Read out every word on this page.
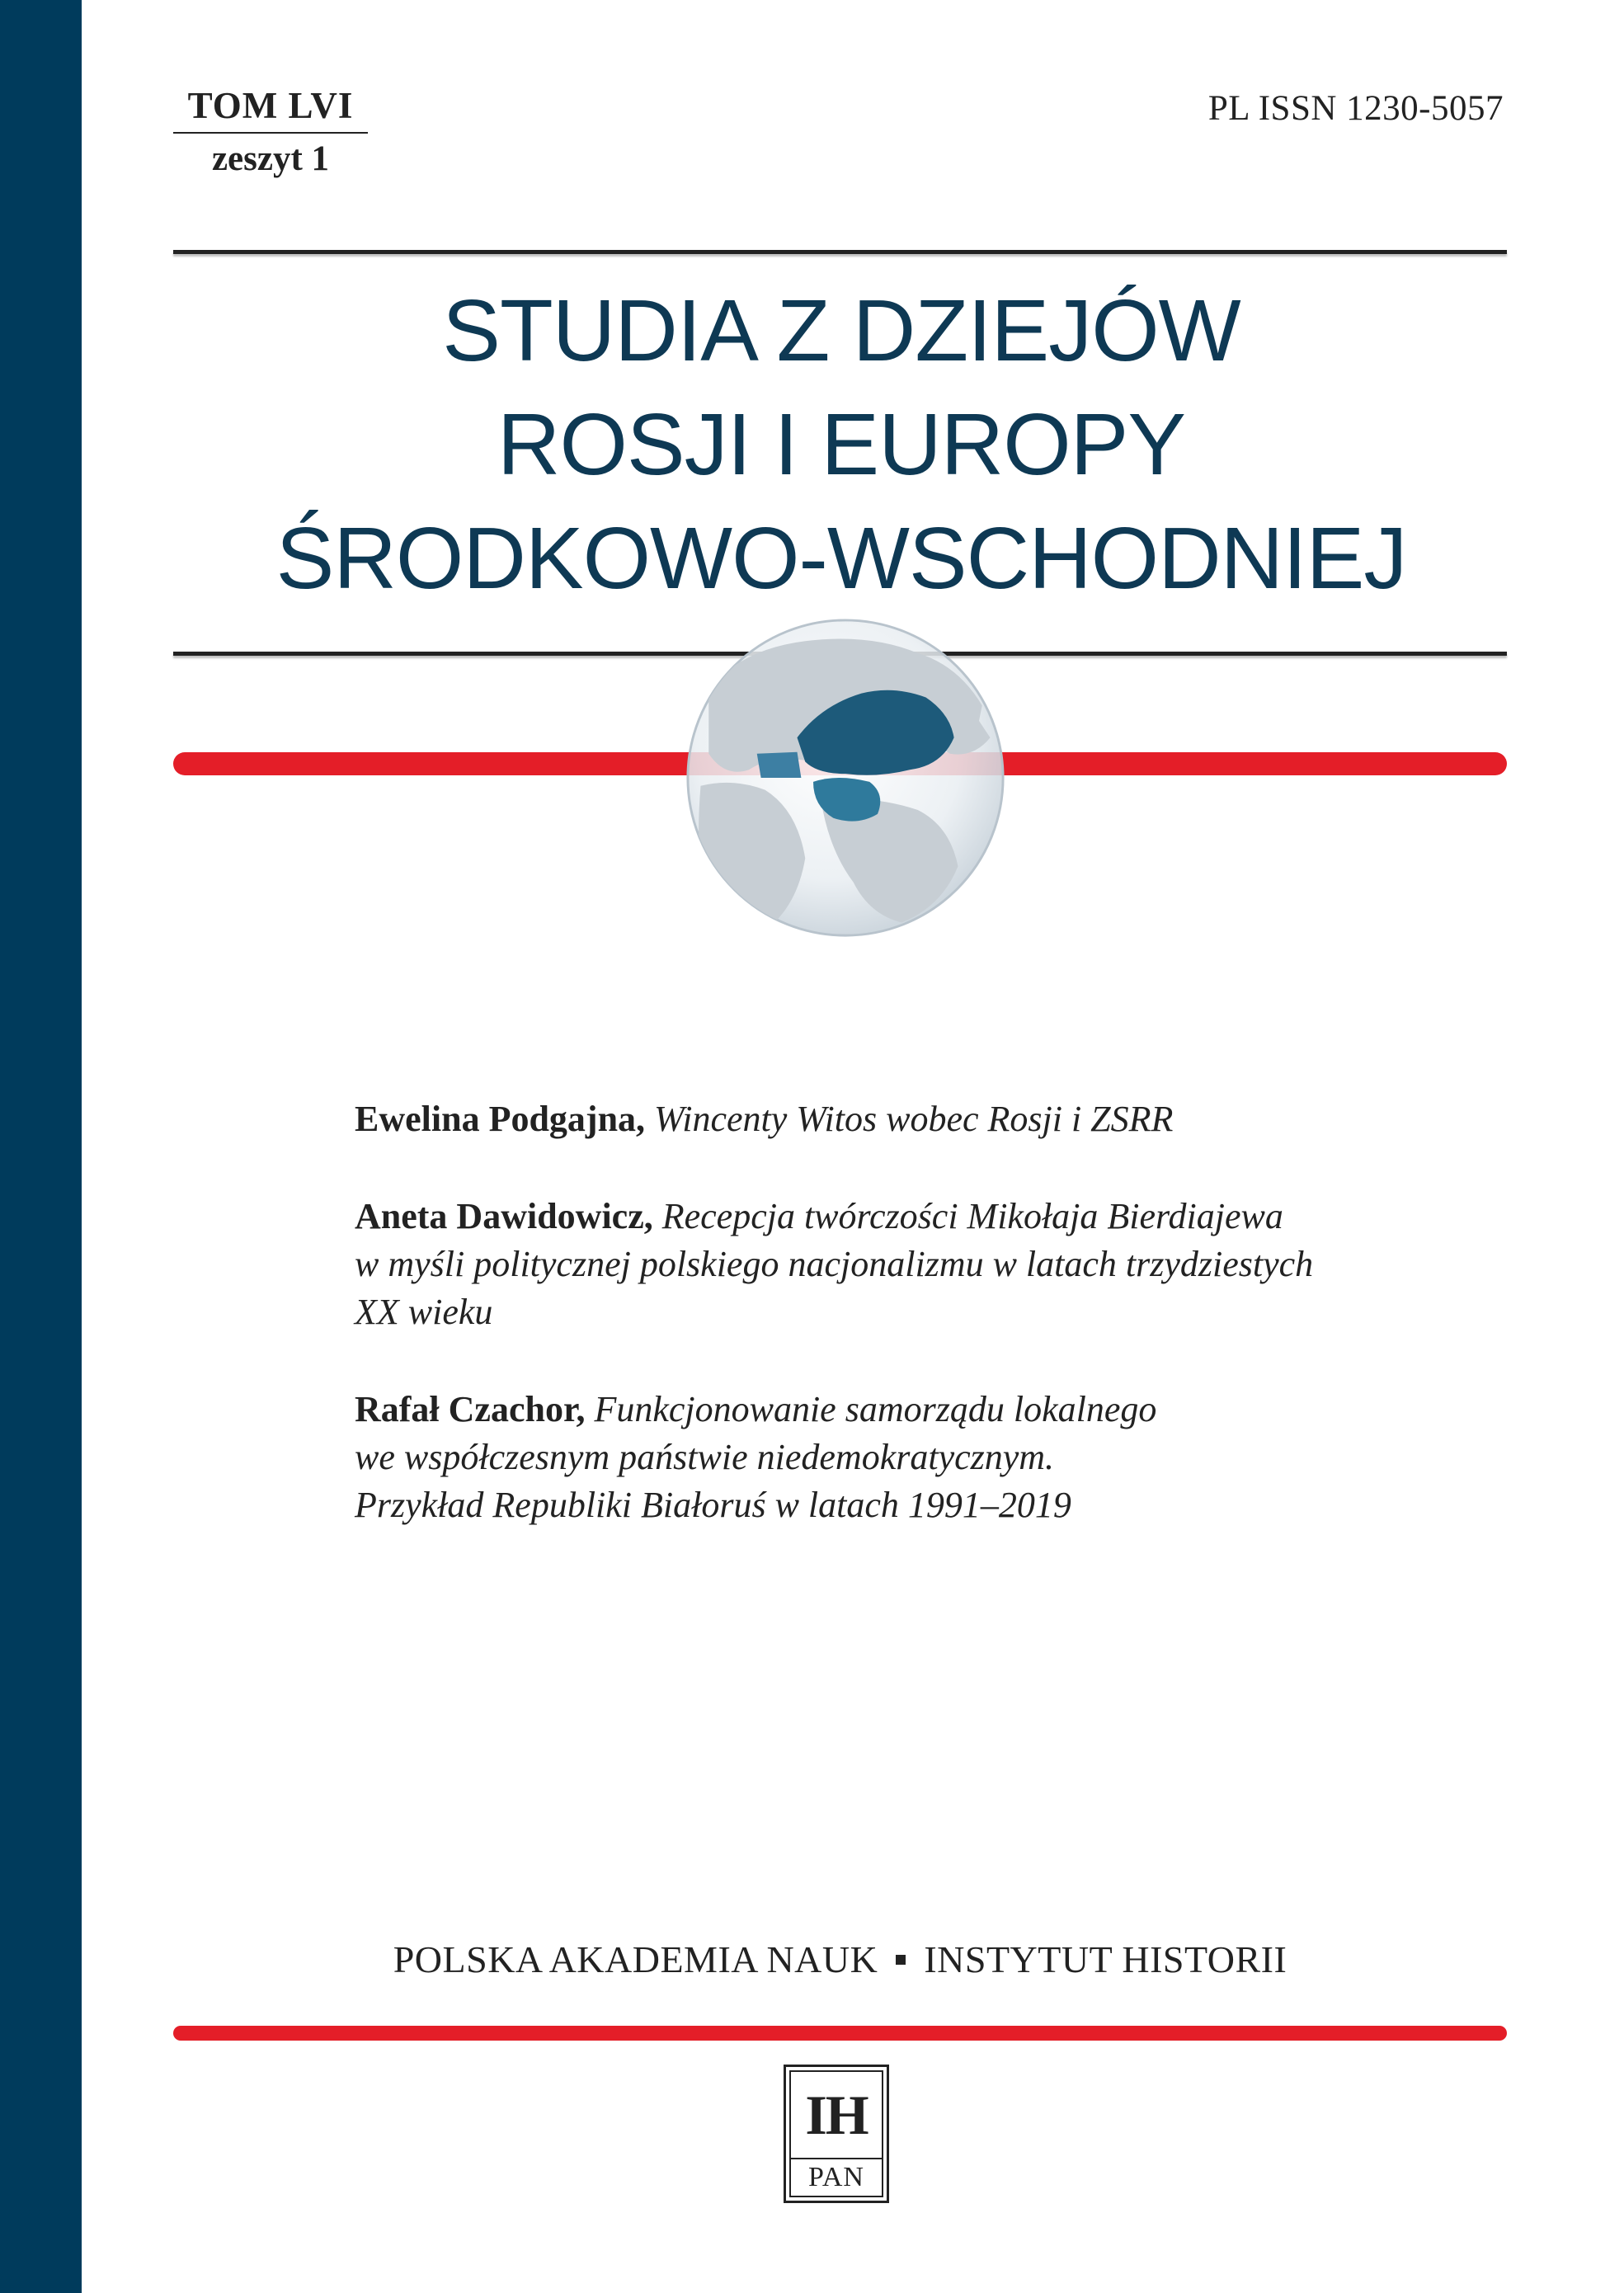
TOM LVI
zeszyt 1
PL ISSN 1230-5057
STUDIA Z DZIEJÓW
ROSJI I EUROPY
ŚRODKOWO-WSCHODNIEJ
Ewelina Podgajna, Wincenty Witos wobec Rosji i ZSRR
Aneta Dawidowicz, Recepcja twórczości Mikołaja Bierdiajewa
w myśli politycznej polskiego nacjonalizmu w latach trzydziestych
XX wieku
Rafał Czachor, Funkcjonowanie samorządu lokalnego
we współczesnym państwie niedemokratycznym.
Przykład Republiki Białoruś w latach 1991–2019
POLSKA AKADEMIA NAUK INSTYTUT HISTORII
IH
PAN
